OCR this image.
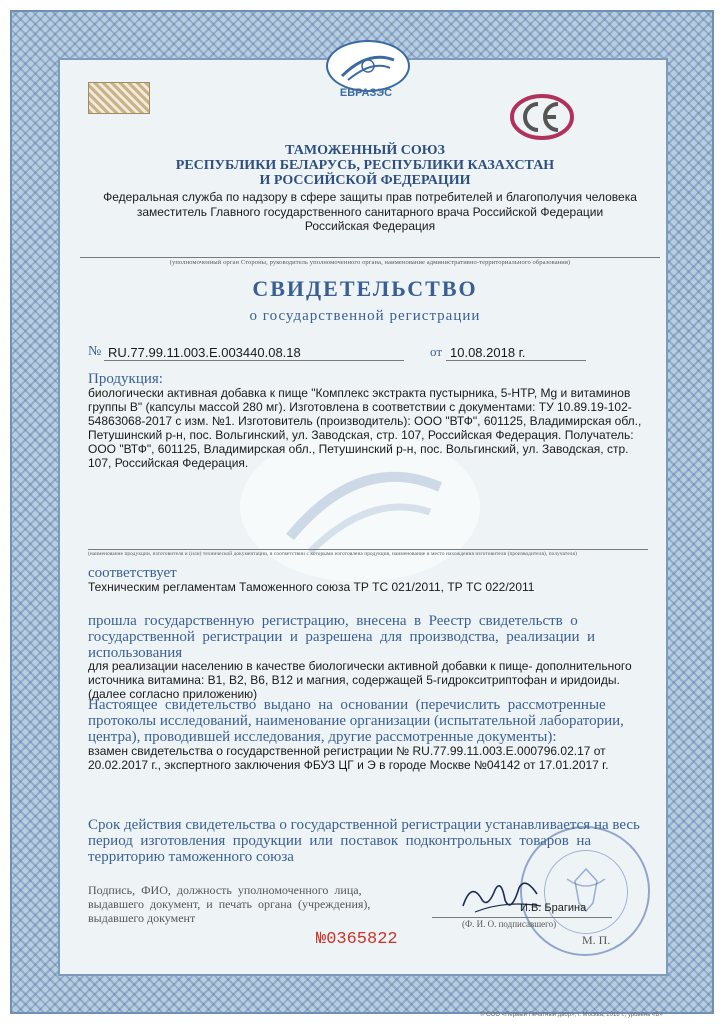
ЕВРАЗЭС
ТАМОЖЕННЫЙ СОЮЗ
РЕСПУБЛИКИ БЕЛАРУСЬ, РЕСПУБЛИКИ КАЗАХСТАН
И РОССИЙСКОЙ ФЕДЕРАЦИИ
Федеральная служба по надзору в сфере защиты прав потребителей и благополучия человека
заместитель Главного государственного санитарного врача Российской Федерации
Российская Федерация
(уполномоченный орган Стороны, руководитель уполномоченного органа, наименование административно-территориального образования)
СВИДЕТЕЛЬСТВО
о государственной регистрации
№ RU.77.99.11.003.Е.003440.08.18	от 10.08.2018 г.
Продукция:
биологически активная добавка к пище "Комплекс экстракта пустырника, 5-HTP, Mg и витаминов
группы В" (капсулы массой 280 мг). Изготовлена в соответствии с документами: ТУ 10.89.19-102-
54863068-2017 с изм. №1. Изготовитель (производитель): ООО "ВТФ", 601125, Владимирская обл.,
Петушинский р-н, пос. Вольгинский, ул. Заводская, стр. 107, Российская Федерация. Получатель:
ООО "ВТФ", 601125, Владимирская обл., Петушинский р-н, пос. Вольгинский, ул. Заводская, стр.
107, Российская Федерация.
(наименование продукции, изготовителя и (или) технической документации, в соответствии с которыми изготовлена продукция, наименование и место нахождения изготовителя (производителя), получателя)
соответствует
Техническим регламентам Таможенного союза ТР ТС 021/2011, ТР ТС 022/2011
прошла  государственную  регистрацию,  внесена  в  Реестр  свидетельств  о
государственной  регистрации  и  разрешена  для  производства,  реализации  и
использования
для реализации населению в качестве биологически активной добавки к пище- дополнительного
источника витамина: В1, В2, В6, В12 и магния, содержащей 5-гидрокситриптофан и иридоиды.
(далее согласно приложению)
Настоящее  свидетельство  выдано  на  основании  (перечислить  рассмотренные
протоколы исследований, наименование организации (испытательной лаборатории,
центра), проводившей исследования, другие рассмотренные документы):
взамен свидетельства о государственной регистрации № RU.77.99.11.003.Е.000796.02.17 от
20.02.2017 г., экспертного заключения ФБУЗ ЦГ и Э в городе Москве №04142 от 17.01.2017 г.
Срок действия свидетельства о государственной регистрации устанавливается на весь
период  изготовления  продукции  или  поставок  подконтрольных  товаров  на
территорию таможенного союза
Подпись,  ФИО,  должность  уполномоченного  лица,
выдавшего  документ,  и  печать  органа  (учреждения),
выдавшего документ
И.В. Брагина
(Ф. И. О. подписавшего)
М. П.
№0365822
© ООО «Первый Печатный двор», г. Москва, 2018 г., уровень «В»
